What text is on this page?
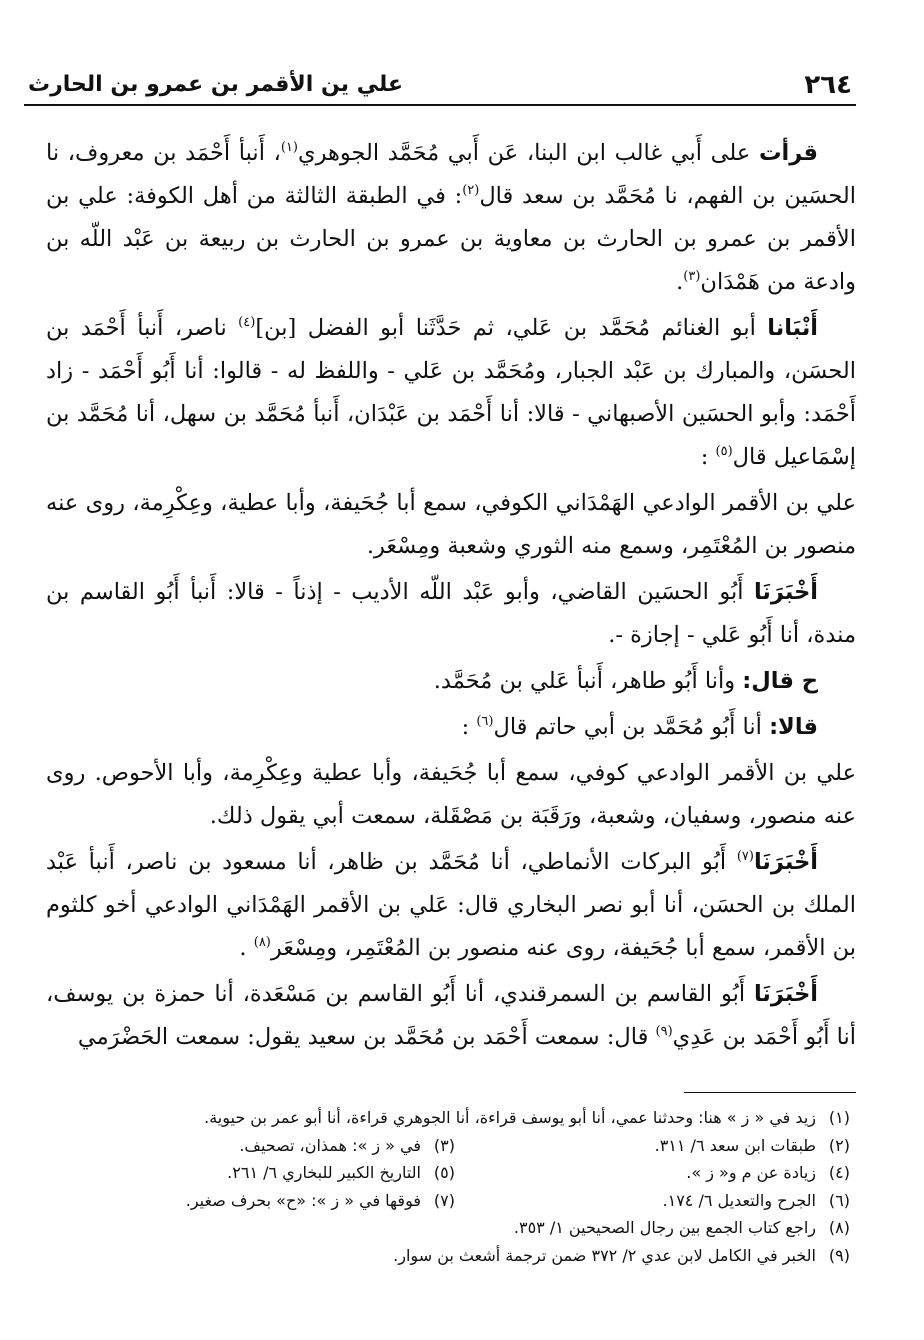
٢٦٤
علي ين الأقمر بن عمرو بن الحارث

قرأت على أَبي غالب ابن البنا، عَن أَبي مُحَمَّد الجوهري$^{(١)}$، أَنبأ أَحْمَد بن معروف، نا الحسَين بن الفهم، نا مُحَمَّد بن سعد قال$^{(٢)}$: في الطبقة الثالثة من أهل الكوفة: علي بن الأقمر بن عمرو بن الحارث بن معاوية بن عمرو بن الحارث بن ربيعة بن عَبْد اللّه بن وادعة من هَمْدَان$^{(٣)}$.

أَنْبَانا أبو الغنائم مُحَمَّد بن عَلي، ثم حَدَّثَنا أبو الفضل [بن]$^{(٤)}$ ناصر، أَنبأ أَحْمَد بن الحسَن، والمبارك بن عَبْد الجبار، ومُحَمَّد بن عَلي - واللفظ له - قالوا: أنا أَبُو أَحْمَد - زاد أَحْمَد: وأبو الحسَين الأصبهاني - قالا: أنا أَحْمَد بن عَبْدَان، أَنبأ مُحَمَّد بن سهل، أنا مُحَمَّد بن إسْمَاعيل قال$^{(٥)}$ :

علي بن الأقمر الوادعي الهَمْدَاني الكوفي، سمع أبا جُحَيفة، وأبا عطية، وعِكْرِمة، روى عنه منصور بن المُعْتَمِر، وسمع منه الثوري وشعبة ومِسْعَر.

أَخْبَرَنَا أَبُو الحسَين القاضي، وأبو عَبْد اللّه الأديب - إذناً - قالا: أَنبأ أَبُو القاسم بن مندة، أنا أَبُو عَلي - إجازة -.

ح قال: وأنا أَبُو طاهر، أَنبأ عَلي بن مُحَمَّد.

قالا: أنا أَبُو مُحَمَّد بن أبي حاتم قال$^{(٦)}$ :

علي بن الأقمر الوادعي كوفي، سمع أبا جُحَيفة، وأبا عطية وعِكْرِمة، وأبا الأحوص. روى عنه منصور، وسفيان، وشعبة، ورَقَبَة بن مَصْقَلة، سمعت أبي يقول ذلك.

أَخْبَرَنَا$^{(٧)}$ أَبُو البركات الأنماطي، أنا مُحَمَّد بن ظاهر، أنا مسعود بن ناصر، أَنبأ عَبْد الملك بن الحسَن، أنا أبو نصر البخاري قال: عَلي بن الأقمر الهَمْدَاني الوادعي أخو كلثوم بن الأقمر، سمع أبا جُحَيفة، روى عنه منصور بن المُعْتَمِر، ومِسْعَر$^{(٨)}$ .

أَخْبَرَنَا أَبُو القاسم بن السمرقندي، أنا أَبُو القاسم بن مَسْعَدة، أنا حمزة بن يوسف، أنا أَبُو أَحْمَد بن عَدِي$^{(٩)}$ قال: سمعت أَحْمَد بن مُحَمَّد بن سعيد يقول: سمعت الحَضْرَمي

(١)
زيد في « ز » هنا: وحدثنا عمي، أنا أبو يوسف قراءة، أنا الجوهري قراءة، أنا أبو عمر بن حيوية.
(٢)
طبقات ابن سعد ٦/ ٣١١.
(٣)
في « ز »: همذان، تصحيف.
(٤)
زيادة عن م و« ز ».
(٥)
التاريخ الكبير للبخاري ٦/ ٢٦١.
(٦)
الجرح والتعديل ٦/ ١٧٤.
(٧)
فوقها في « ز »: «ح» بحرف صغير.
(٨)
راجع كتاب الجمع بين رجال الصحيحين ١/ ٣٥٣.
(٩)
الخبر في الكامل لابن عدي ٢/ ٣٧٢ ضمن ترجمة أشعث بن سوار.
